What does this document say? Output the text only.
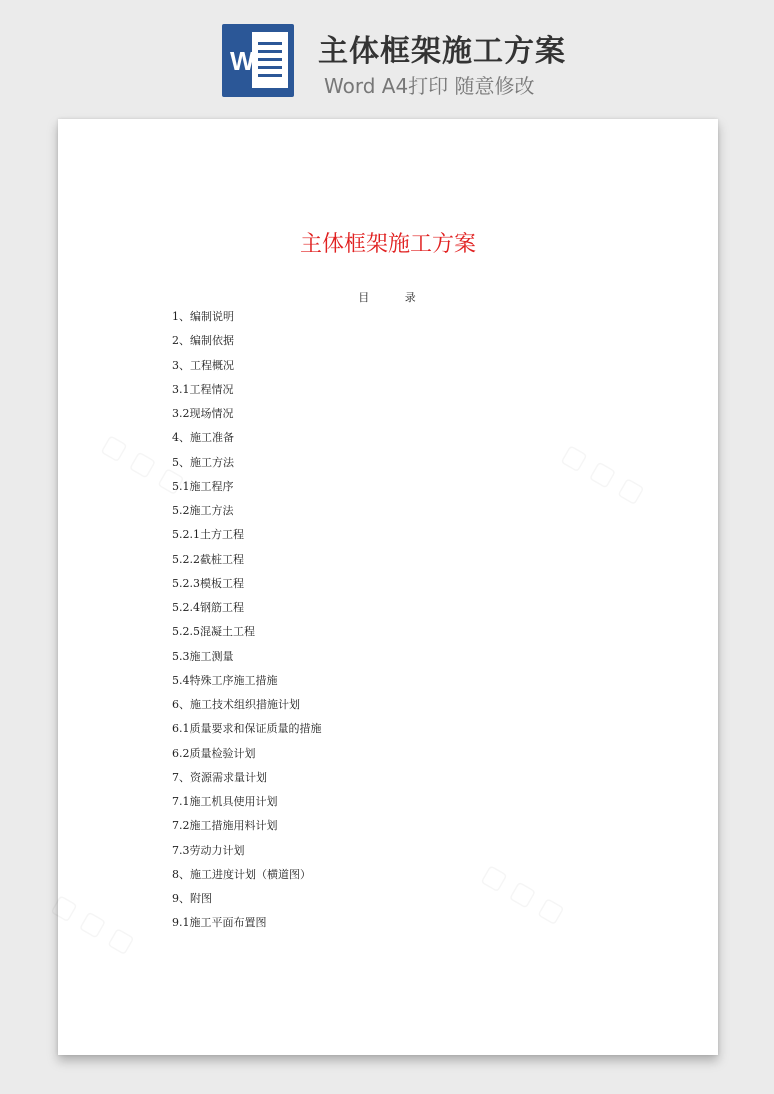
W 主体框架施工方案
Word A4打印 随意修改
主体框架施工方案
目 录
1、编制说明
2、编制依据
3、工程概况
3.1工程情况
3.2现场情况
4、施工准备
5、施工方法
5.1施工程序
5.2施工方法
5.2.1土方工程
5.2.2截桩工程
5.2.3模板工程
5.2.4钢筋工程
5.2.5混凝土工程
5.3施工测量
5.4特殊工序施工措施
6、施工技术组织措施计划
6.1质量要求和保证质量的措施
6.2质量检验计划
7、资源需求量计划
7.1施工机具使用计划
7.2施工措施用料计划
7.3劳动力计划
8、施工进度计划（横道图）
9、附图
9.1施工平面布置图
